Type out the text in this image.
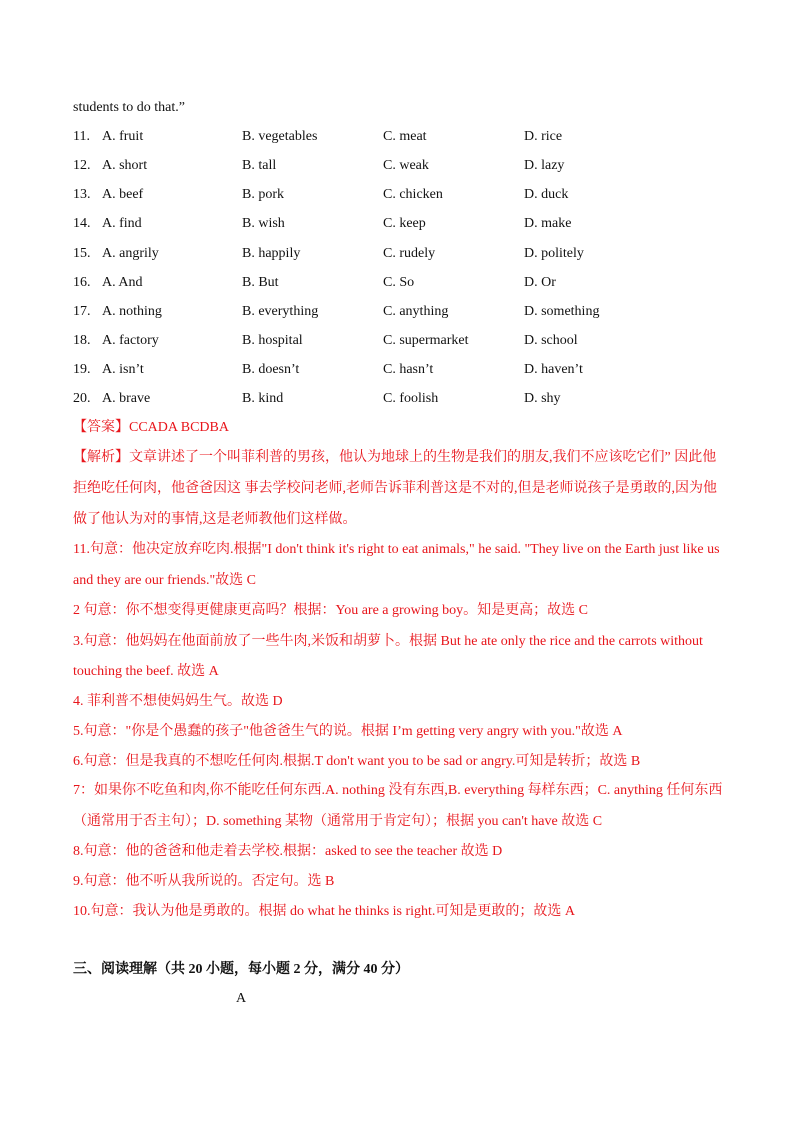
students to do that.”
11. A. fruit	B. vegetables	C. meat	D. rice
12. A. short	B. tall	C. weak	D. lazy
13. A. beef	B. pork	C. chicken	D. duck
14. A. find	B. wish	C. keep	D. make
15. A. angrily	B. happily	C. rudely	D. politely
16. A. And	B. But	C. So	D. Or
17. A. nothing	B. everything	C. anything	D. something
18. A. factory	B. hospital	C. supermarket	D. school
19. A. isn’t	B. doesn’t	C. hasn’t	D. haven’t
20. A. brave	B. kind	C. foolish	D. shy
【答案】CCADA BCDBA
【解析】文章讲述了一个叫菲利普的男孩，他认为地球上的生物是我们的朋友,我们不应该吃它们” 因此他
拒绝吃任何肉，他爸爸因这 事去学校问老师,老师告诉菲利普这是不对的,但是老师说孩子是勇敢的,因为他
做了他认为对的事情,这是老师教他们这样做。
11.句意：他决定放弃吃肉.根据"I don't think it's right to eat animals," he said. "They live on the Earth just like us
and they are our friends."故选 C
2 句意：你不想变得更健康更高吗？根据：You are a growing boy。知是更高；故选 C
3.句意：他妈妈在他面前放了一些牛肉,米饭和胡萝卜。根据 But he ate only the rice and the carrots without
touching the beef. 故选 A
4. 菲利普不想使妈妈生气。故选 D
5.句意："你是个愚蠢的孩子"他爸爸生气的说。根据 I’m getting very angry with you."故选 A
6.句意：但是我真的不想吃任何肉.根据.T don't want you to be sad or angry.可知是转折；故选 B
7：如果你不吃鱼和肉,你不能吃任何东西.A. nothing 没有东西,B. everything 每样东西；C. anything 任何东西
（通常用于否主句）；D. something 某物（通常用于肯定句）；根据 you can't have 故选 C
8.句意：他的爸爸和他走着去学校.根据：asked to see the teacher 故选 D
9.句意：他不听从我所说的。否定句。选 B
10.句意：我认为他是勇敢的。根据 do what he thinks is right.可知是更敢的；故选 A
三、阅读理解（共 20 小题，每小题 2 分，满分 40 分）
A
